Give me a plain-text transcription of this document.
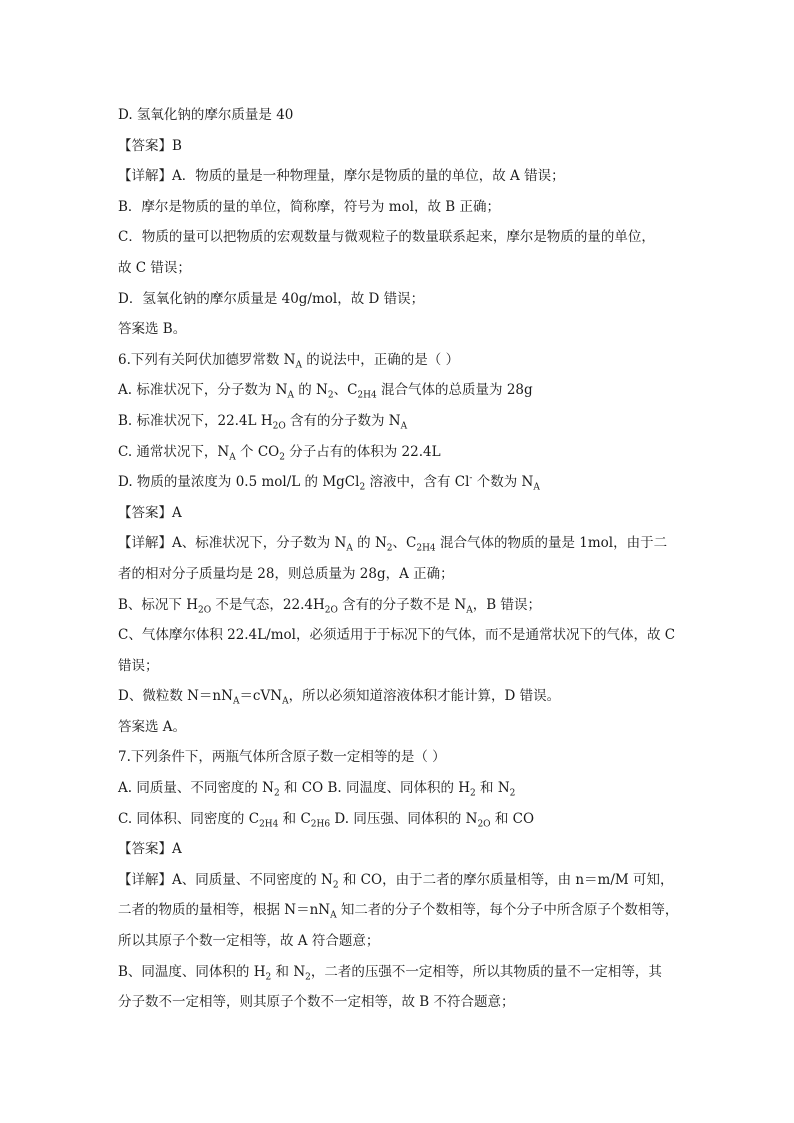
D. 氢氧化钠的摩尔质量是 40
【答案】B
【详解】A．物质的量是一种物理量，摩尔是物质的量的单位，故 A 错误；
B．摩尔是物质的量的单位，简称摩，符号为 mol，故 B 正确；
C．物质的量可以把物质的宏观数量与微观粒子的数量联系起来，摩尔是物质的量的单位，
故 C 错误；
D．氢氧化钠的摩尔质量是 40g/mol，故 D 错误；
答案选 B。
6.下列有关阿伏加德罗常数 $N_A$ 的说法中，正确的是（ ）
A. 标准状况下，分子数为 $N_A$ 的 $N_2$、$C_{2H4}$ 混合气体的总质量为 28g
B. 标准状况下，22.4L $H_{2O}$ 含有的分子数为 $N_A$
C. 通常状况下，$N_A$ 个 $CO_2$ 分子占有的体积为 22.4L
D. 物质的量浓度为 0.5 mol/L 的 MgCl$_2$ 溶液中，含有 Cl- 个数为 $N_A$
【答案】A
【详解】A、标准状况下，分子数为 $N_A$ 的 $N_2$、$C_{2H4}$ 混合气体的物质的量是 1mol，由于二
者的相对分子质量均是 28，则总质量为 28g，A 正确；
B、标况下 $H_{2O}$ 不是气态，$22.4H_{2O}$ 含有的分子数不是 $N_A$，B 错误；
C、气体摩尔体积 22.4L/mol，必须适用于于标况下的气体，而不是通常状况下的气体，故 C
错误；
D、微粒数 $N=nN_A=cVN_A$，所以必须知道溶液体积才能计算，D 错误。
答案选 A。
7.下列条件下，两瓶气体所含原子数一定相等的是（ ）
A. 同质量、不同密度的 $N_2$ 和 CO B. 同温度、同体积的 $H_2$ 和 $N_2$
C. 同体积、同密度的 $C_{2H4}$ 和 $C_{2H6}$ D. 同压强、同体积的 $N_{2O}$ 和 CO
【答案】A
【详解】A、同质量、不同密度的 $N_2$ 和 CO，由于二者的摩尔质量相等，由 n＝m/M 可知，
二者的物质的量相等，根据 $N=nN_A$ 知二者的分子个数相等，每个分子中所含原子个数相等，
所以其原子个数一定相等，故 A 符合题意；
B、同温度、同体积的 $H_2$ 和 $N_2$，二者的压强不一定相等，所以其物质的量不一定相等，其
分子数不一定相等，则其原子个数不一定相等，故 B 不符合题意；
